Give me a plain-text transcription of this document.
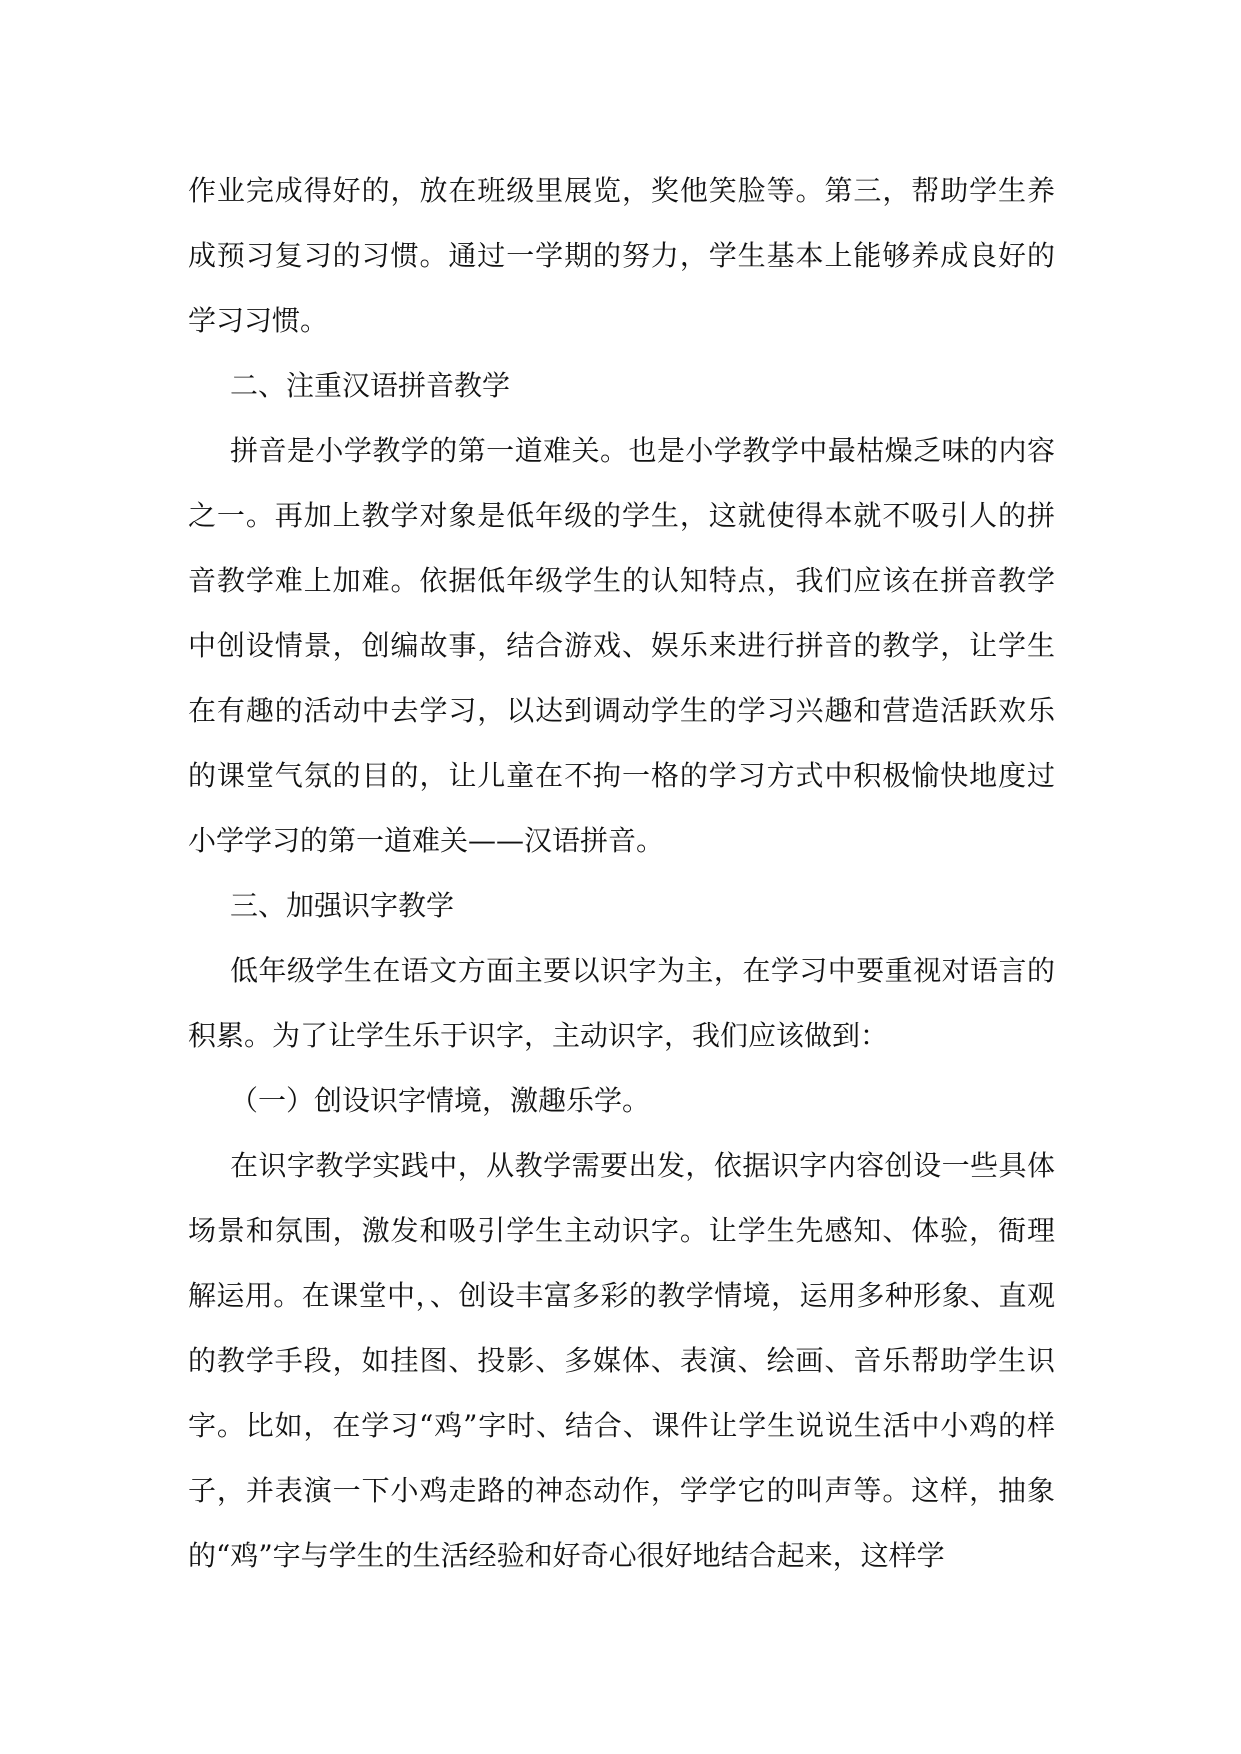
作业完成得好的，放在班级里展览，奖他笑脸等。第三，帮助学生养成预习复习的习惯。通过一学期的努力，学生基本上能够养成良好的学习习惯。

二、注重汉语拼音教学

拼音是小学教学的第一道难关。也是小学教学中最枯燥乏味的内容之一。再加上教学对象是低年级的学生，这就使得本就不吸引人的拼音教学难上加难。依据低年级学生的认知特点，我们应该在拼音教学中创设情景，创编故事，结合游戏、娱乐来进行拼音的教学，让学生在有趣的活动中去学习，以达到调动学生的学习兴趣和营造活跃欢乐的课堂气氛的目的，让儿童在不拘一格的学习方式中积极愉快地度过小学学习的第一道难关——汉语拼音。

三、加强识字教学

低年级学生在语文方面主要以识字为主，在学习中要重视对语言的积累。为了让学生乐于识字，主动识字，我们应该做到：

（一）创设识字情境，激趣乐学。

在识字教学实践中，从教学需要出发，依据识字内容创设一些具体场景和氛围，激发和吸引学生主动识字。让学生先感知、体验，衙理解运用。在课堂中，、创设丰富多彩的教学情境，运用多种形象、直观的教学手段，如挂图、投影、多媒体、表演、绘画、音乐帮助学生识字。比如，在学习“鸡”字时、结合、课件让学生说说生活中小鸡的样子，并表演一下小鸡走路的神态动作，学学它的叫声等。这样，抽象的“鸡”字与学生的生活经验和好奇心很好地结合起来，这样学
